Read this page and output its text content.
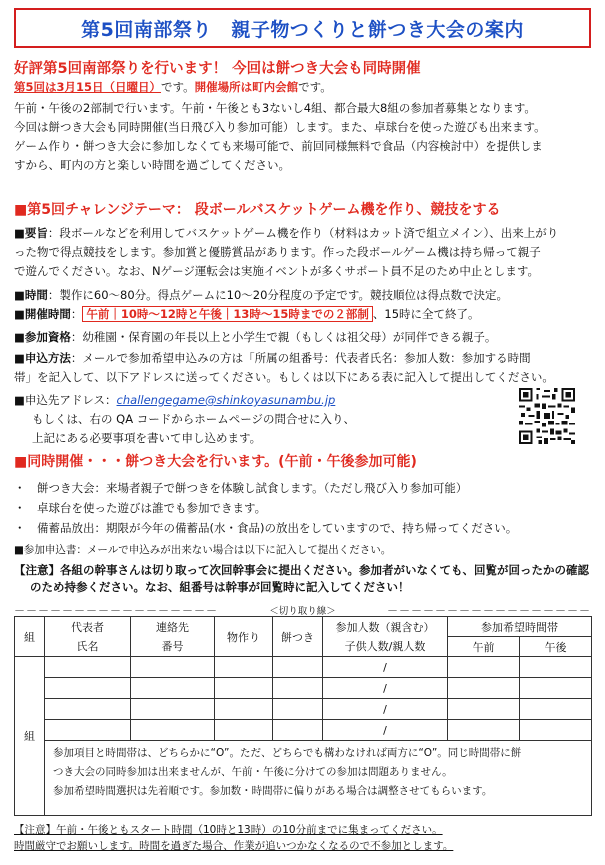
第5回南部祭り　親子物つくりと餅つき大会の案内
好評第5回南部祭りを行います！ 今回は餅つき大会も同時開催
第5回は3月15日（日曜日）です。開催場所は町内会館です。
午前・午後の2部制で行います。午前・午後とも3ないし4組、都合最大8組の参加者募集となります。
今回は餅つき大会も同時開催(当日飛び入り参加可能）します。また、卓球台を使った遊びも出来ます。
ゲーム作り・餅つき大会に参加しなくても来場可能で、前回同様無料で食品（内容検討中）を提供しま
すから、町内の方と楽しい時間を過ごしてください。
■第5回チャレンジテーマ： 段ボールバスケットゲーム機を作り、競技をする
■要旨：段ボールなどを利用してバスケットゲーム機を作り（材料はカット済で組立メイン）、出来上がり
った物で得点競技をします。参加賞と優勝賞品があります。作った段ボールゲーム機は持ち帰って親子
で遊んでください。なお、Nゲージ運転会は実施イベントが多くサポート員不足のため中止とします。
■時間：製作に60～80分。得点ゲームに10～20分程度の予定です。競技順位は得点数で決定。
■開催時間： 午前｜10時～12時と午後｜13時～15時までの２部制 、15時に全て終了。
■参加資格：幼稚園・保育園の年長以上と小学生で親（もしくは祖父母）が同伴できる親子。
■申込方法：メールで参加希望申込みの方は「所属の組番号：代表者氏名：参加人数：参加する時間
帯」を記入して、以下アドレスに送ってください。もしくは以下にある表に記入して提出してください。
■申込先アドレス：challengegame@shinkoyasunambu.jp
もしくは、右の QA コードからホームページの問合せに入り、
上記にある必要事項を書いて申し込めます。
■同時開催・・・餅つき大会を行います。(午前・午後参加可能)
・　餅つき大会：来場者親子で餅つきを体験し試食します。（ただし飛び入り参加可能）
・　卓球台を使った遊びは誰でも参加できます。
・　備蓄品放出：期限が今年の備蓄品(水・食品)の放出をしていますので、持ち帰ってください。
■参加申込書：メールで申込みが出来ない場合は以下に記入して提出ください。
【注意】各組の幹事さんは切り取って次回幹事会に提出ください。参加者がいなくても、回覧が回ったかの確認
のため持参ください。なお、組番号は幹事が回覧時に記入してください！
－－－－－－－－－－－－－－－－－	＜切り取り線＞	－－－－－－－－－－－－－－－－－
組	代表者	連絡先	物作り	餅つき	参加人数（親含む）	参加希望時間帯	
	氏名	番号			子供人数/親人数	午前	午後
組					/		
					/		
					/		
					/		

	参加項目と時間帯は、どちらかに“O”。ただ、どちらでも構わなければ両方に“O”。同じ時間帯に餅
つき大会の同時参加は出来ませんが、午前・午後に分けての参加は問題ありません。
参加希望時間選択は先着順です。参加数・時間帯に偏りがある場合は調整させてもらいます。						
【注意】午前・午後ともスタート時間（10時と13時）の10分前までに集まってください。
時間厳守でお願いします。時間を過ぎた場合、作業が追いつかなくなるので不参加とします。
